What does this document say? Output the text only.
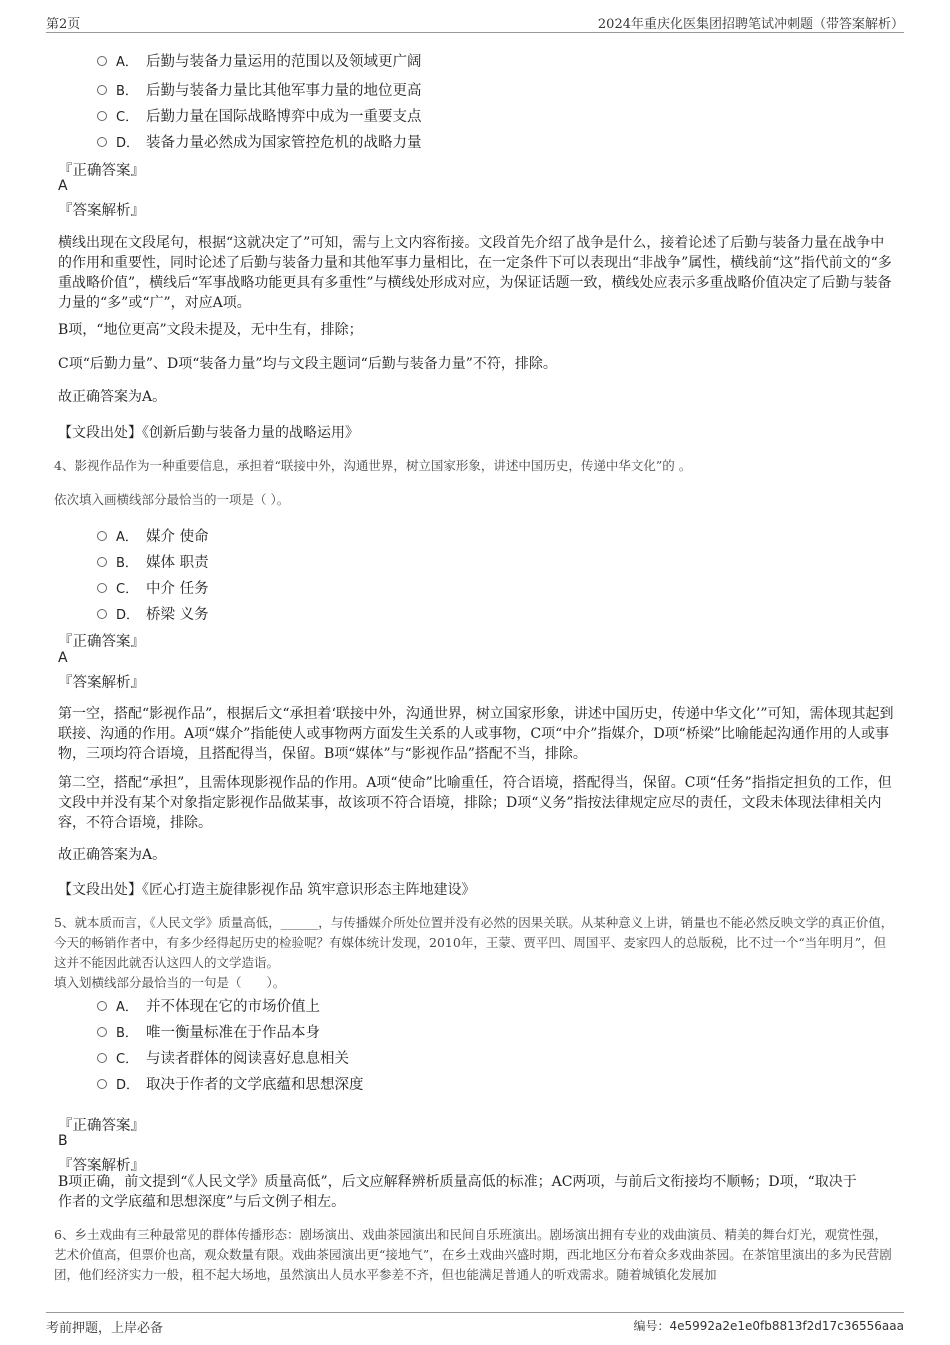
第2页	2024年重庆化医集团招聘笔试冲刺题（带答案解析）
A． 后勤与装备力量运用的范围以及领域更广阔
B． 后勤与装备力量比其他军事力量的地位更高
C． 后勤力量在国际战略博弈中成为一重要支点
D． 装备力量必然成为国家管控危机的战略力量
『正确答案』
A
『答案解析』
横线出现在文段尾句，根据“这就决定了”可知，需与上文内容衔接。文段首先介绍了战争是什么，接着论述了后勤与装备力量在战争中的作用和重要性，同时论述了后勤与装备力量和其他军事力量相比，在一定条件下可以表现出“非战争”属性，横线前“这”指代前文的“多重战略价值”，横线后“军事战略功能更具有多重性”与横线处形成对应，为保证话题一致，横线处应表示多重战略价值决定了后勤与装备力量的“多”或“广”，对应A项。
B项，“地位更高”文段未提及，无中生有，排除；
C项“后勤力量”、D项“装备力量”均与文段主题词“后勤与装备力量”不符，排除。
故正确答案为A。
【文段出处】《创新后勤与装备力量的战略运用》
4、影视作品作为一种重要信息，承担着“联接中外，沟通世界，树立国家形象，讲述中国历史，传递中华文化”的 。
依次填入画横线部分最恰当的一项是（ ）。
A． 媒介 使命
B． 媒体 职责
C． 中介 任务
D． 桥梁 义务
『正确答案』
A
『答案解析』
第一空，搭配“影视作品”，根据后文“承担着‘联接中外，沟通世界，树立国家形象，讲述中国历史，传递中华文化’”可知，需体现其起到联接、沟通的作用。A项“媒介”指能使人或事物两方面发生关系的人或事物，C项“中介”指媒介，D项“桥梁”比喻能起沟通作用的人或事物，三项均符合语境，且搭配得当，保留。B项“媒体”与“影视作品”搭配不当，排除。
第二空，搭配“承担”，且需体现影视作品的作用。A项“使命”比喻重任，符合语境，搭配得当，保留。C项“任务”指指定担负的工作，但文段中并没有某个对象指定影视作品做某事，故该项不符合语境，排除；D项“义务”指按法律规定应尽的责任，文段未体现法律相关内容，不符合语境，排除。
故正确答案为A。
【文段出处】《匠心打造主旋律影视作品 筑牢意识形态主阵地建设》
5、就本质而言，《人民文学》质量高低，______，与传播媒介所处位置并没有必然的因果关联。从某种意义上讲，销量也不能必然反映文学的真正价值，今天的畅销作者中，有多少经得起历史的检验呢？有媒体统计发现，2010年，王蒙、贾平凹、周国平、麦家四人的总版税，比不过一个“当年明月”，但这并不能因此就否认这四人的文学造诣。
填入划横线部分最恰当的一句是（　　）。
A． 并不体现在它的市场价值上
B． 唯一衡量标准在于作品本身
C． 与读者群体的阅读喜好息息相关
D． 取决于作者的文学底蕴和思想深度
『正确答案』
B
『答案解析』
B项正确，前文提到“《人民文学》质量高低”，后文应解释辨析质量高低的标准；AC两项，与前后文衔接均不顺畅；D项，“取决于作者的文学底蕴和思想深度”与后文例子相左。
6、乡土戏曲有三种最常见的群体传播形态：剧场演出、戏曲茶园演出和民间自乐班演出。剧场演出拥有专业的戏曲演员、精美的舞台灯光，观赏性强，艺术价值高，但票价也高，观众数量有限。戏曲茶园演出更“接地气”，在乡土戏曲兴盛时期，西北地区分布着众多戏曲茶园。在茶馆里演出的多为民营剧团，他们经济实力一般，租不起大场地，虽然演出人员水平参差不齐，但也能满足普通人的听戏需求。随着城镇化发展加
考前押题，上岸必备	编号：4e5992a2e1e0fb8813f2d17c36556aaa
